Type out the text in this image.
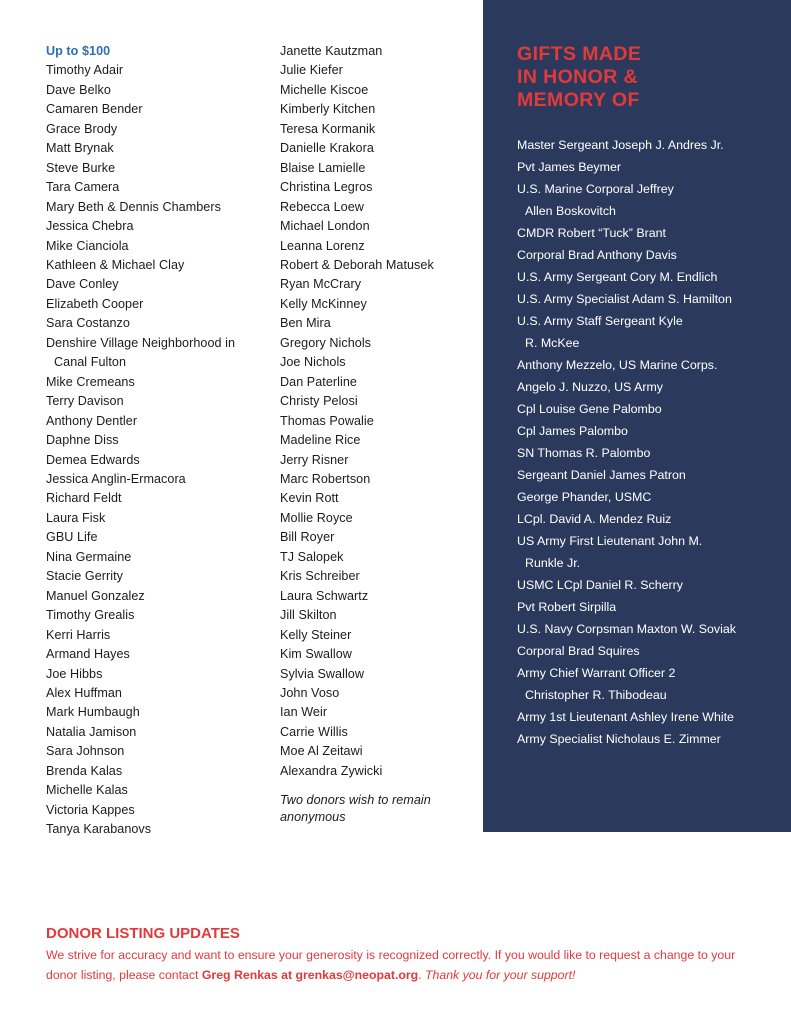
Up to $100
Timothy Adair
Dave Belko
Camaren Bender
Grace Brody
Matt Brynak
Steve Burke
Tara Camera
Mary Beth & Dennis Chambers
Jessica Chebra
Mike Cianciola
Kathleen & Michael Clay
Dave Conley
Elizabeth Cooper
Sara Costanzo
Denshire Village Neighborhood in
Canal Fulton
Mike Cremeans
Terry Davison
Anthony Dentler
Daphne Diss
Demea Edwards
Jessica Anglin-Ermacora
Richard Feldt
Laura Fisk
GBU Life
Nina Germaine
Stacie Gerrity
Manuel Gonzalez
Timothy Grealis
Kerri Harris
Armand Hayes
Joe Hibbs
Alex Huffman
Mark Humbaugh
Natalia Jamison
Sara Johnson
Brenda Kalas
Michelle Kalas
Victoria Kappes
Tanya Karabanovs
Janette Kautzman
Julie Kiefer
Michelle Kiscoe
Kimberly Kitchen
Teresa Kormanik
Danielle Krakora
Blaise Lamielle
Christina Legros
Rebecca Loew
Michael London
Leanna Lorenz
Robert & Deborah Matusek
Ryan McCrary
Kelly McKinney
Ben Mira
Gregory Nichols
Joe Nichols
Dan Paterline
Christy Pelosi
Thomas Powalie
Madeline Rice
Jerry Risner
Marc Robertson
Kevin Rott
Mollie Royce
Bill Royer
TJ Salopek
Kris Schreiber
Laura Schwartz
Jill Skilton
Kelly Steiner
Kim Swallow
Sylvia Swallow
John Voso
Ian Weir
Carrie Willis
Moe Al Zeitawi
Alexandra Zywicki
Two donors wish to remain anonymous
GIFTS MADE
IN HONOR &
MEMORY OF
Master Sergeant Joseph J. Andres Jr.
Pvt James Beymer
U.S. Marine Corporal Jeffrey
Allen Boskovitch
CMDR Robert “Tuck” Brant
Corporal Brad Anthony Davis
U.S. Army Sergeant Cory M. Endlich
U.S. Army Specialist Adam S. Hamilton
U.S. Army Staff Sergeant Kyle
R. McKee
Anthony Mezzelo, US Marine Corps.
Angelo J. Nuzzo, US Army
Cpl Louise Gene Palombo
Cpl James Palombo
SN Thomas R. Palombo
Sergeant Daniel James Patron
George Phander, USMC
LCpl. David A. Mendez Ruiz
US Army First Lieutenant John M.
Runkle Jr.
USMC LCpl Daniel R. Scherry
Pvt Robert Sirpilla
U.S. Navy Corpsman Maxton W. Soviak
Corporal Brad Squires
Army Chief Warrant Officer 2
Christopher R. Thibodeau
Army 1st Lieutenant Ashley Irene White
Army Specialist Nicholaus E. Zimmer
DONOR LISTING UPDATES

We strive for accuracy and want to ensure your generosity is recognized correctly. If you would like to request a change to your donor listing, please contact Greg Renkas at grenkas@neopat.org. Thank you for your support!
